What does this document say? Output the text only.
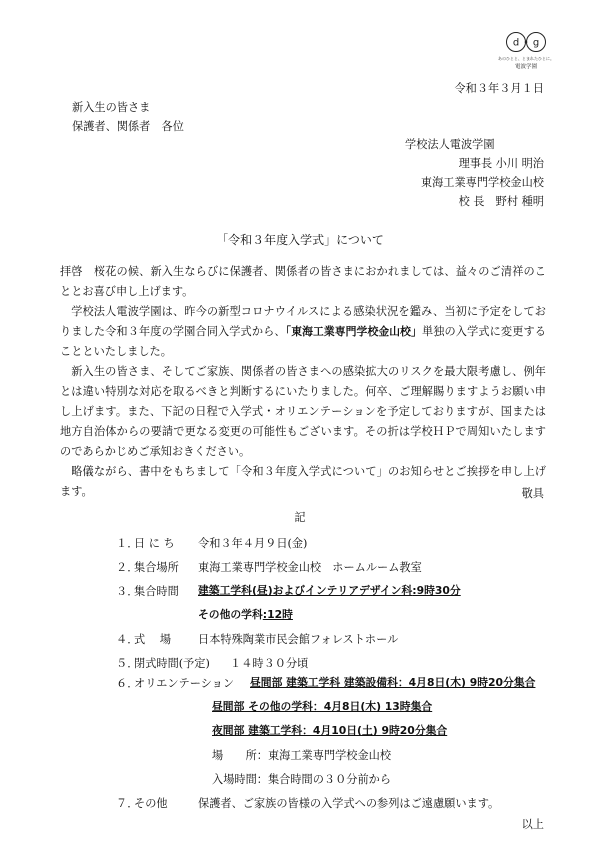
d g
あのひとと、とまれたひとに。
電波学園
令和３年３月１日
新入生の皆さま
保護者、関係者　各位
学校法人電波学園
理事長 小川 明治
東海工業専門学校金山校
校 長　野村 種明
「令和３年度入学式」について

拝啓　桜花の候、新入生ならびに保護者、関係者の皆さまにおかれましては、益々のご清祥のこととお喜び申し上げます。

学校法人電波学園は、昨今の新型コロナウイルスによる感染状況を鑑み、当初に予定をしておりました令和３年度の学園合同入学式から、「東海工業専門学校金山校」単独の入学式に変更することといたしました。

新入生の皆さま、そしてご家族、関係者の皆さまへの感染拡大のリスクを最大限考慮し、例年とは違い特別な対応を取るべきと判断するにいたりました。何卒、ご理解賜りますようお願い申し上げます。また、下記の日程で入学式・オリエンテーションを予定しておりますが、国または地方自治体からの要請で更なる変更の可能性もございます。その折は学校ＨＰで周知いたしますのであらかじめご承知おきください。

略儀ながら、書中をもちまして「令和３年度入学式について」のお知らせとご挨拶を申し上げます。	敬具
記
１．
日 に ち 令和３年４月９日(金)
２．
集合場所 東海工業専門学校金山校　ホームルーム教室
３．
集合時間 建築工学科(昼)およびインテリアデザイン科:9時30分
その他の学科:12時
４．
式　 場 日本特殊陶業市民会館フォレストホール
５．
閉式時間(予定) １４時３０分頃
６．
オリエンテーション 昼間部 建築工学科 建築設備科：4月8日(木) 9時20分集合
昼間部 その他の学科：4月8日(木) 13時集合
夜間部 建築工学科：4月10日(土) 9時20分集合
場　　所：東海工業専門学校金山校
入場時間：集合時間の３０分前から
７．
その他	保護者、ご家族の皆様の入学式への参列はご遠慮願います。
以上
